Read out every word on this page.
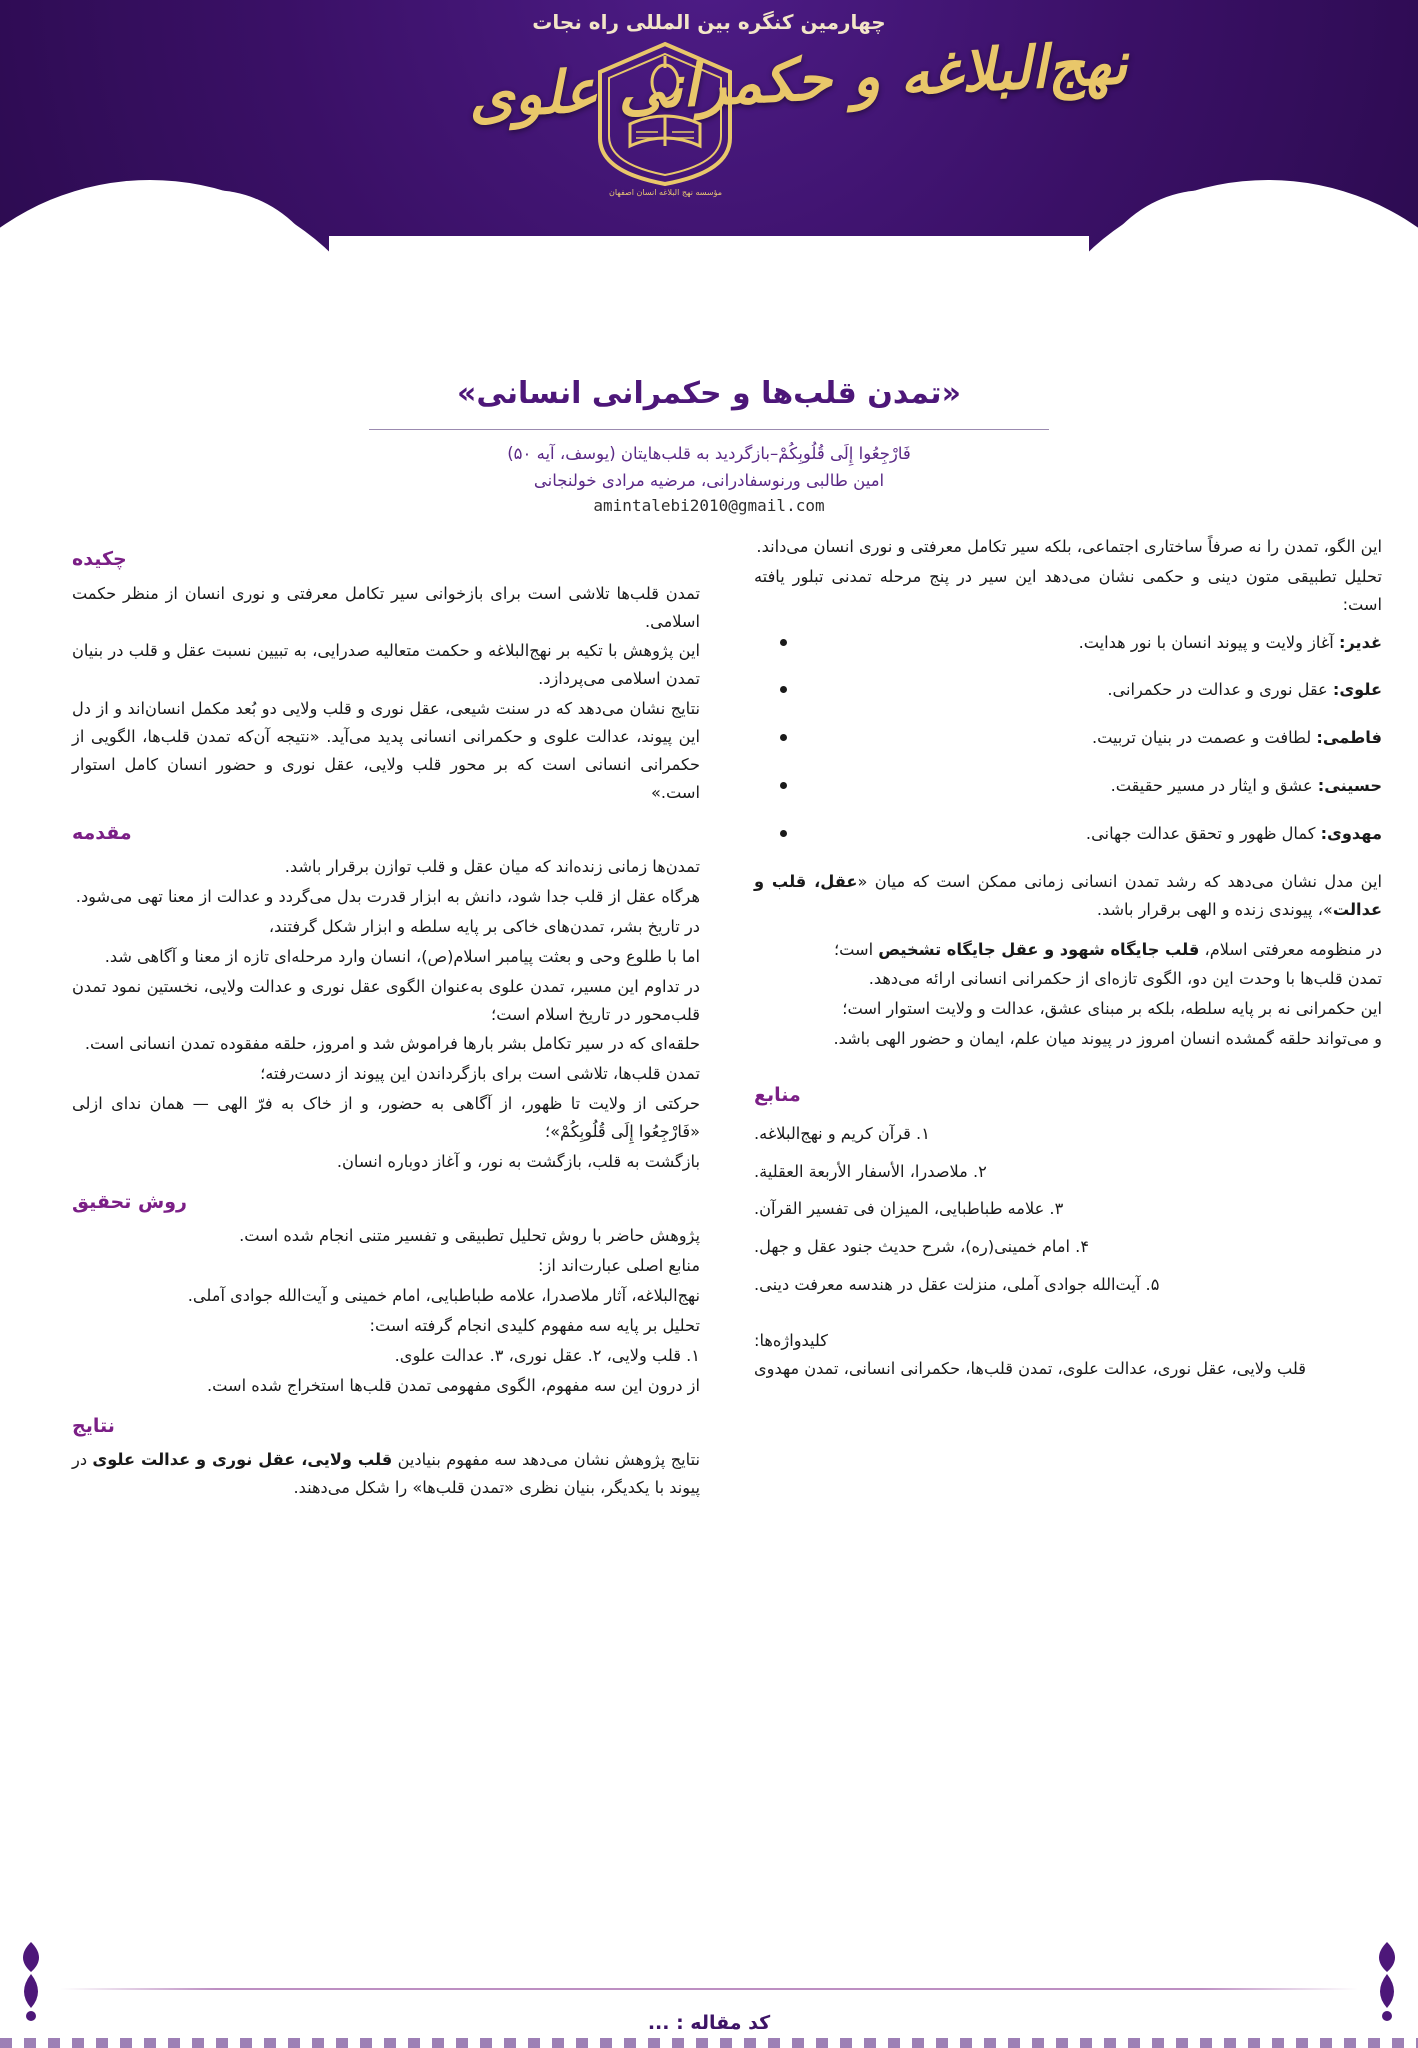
چهارمین کنگره بین المللی راه نجات
نهج‌البلاغه و حکمرانی علوی
مؤسسه نهج البلاغه انسان اصفهان
«تمدن قلب‌ها و حکمرانی انسانی»
فَارْجِعُوا إِلَى قُلُوبِكُمْ–بازگردید به قلب‌هایتان (یوسف، آیه ۵۰)
امین طالبی ورنوسفادرانی، مرضیه مرادی خولنجانی
amintalebi2010@gmail.com

این الگو، تمدن را نه صرفاً ساختاری اجتماعی، بلکه سیر تکامل معرفتی و نوری انسان می‌داند.

تحلیل تطبیقی متون دینی و حکمی نشان می‌دهد این سیر در پنج مرحله تمدنی تبلور یافته است:

غدیر: آغاز ولایت و پیوند انسان با نور هدایت.
علوی: عقل نوری و عدالت در حکمرانی.
فاطمی: لطافت و عصمت در بنیان تربیت.
حسینی: عشق و ایثار در مسیر حقیقت.
مهدوی: کمال ظهور و تحقق عدالت جهانی.

این مدل نشان می‌دهد که رشد تمدن انسانی زمانی ممکن است که میان «عقل، قلب و عدالت»، پیوندی زنده و الهی برقرار باشد.

در منظومه معرفتی اسلام، قلب جایگاه شهود و عقل جایگاه تشخیص است؛

تمدن قلب‌ها با وحدت این دو، الگوی تازه‌ای از حکمرانی انسانی ارائه می‌دهد.

این حکمرانی نه بر پایه سلطه، بلکه بر مبنای عشق، عدالت و ولایت استوار است؛

و می‌تواند حلقه گمشده انسان امروز در پیوند میان علم، ایمان و حضور الهی باشد.

منابع
۱. قرآن کریم و نهج‌البلاغه.
۲. ملاصدرا، الأسفار الأربعة العقلیة.
۳. علامه طباطبایی، المیزان فی تفسیر القرآن.
۴. امام خمینی(ره)، شرح حدیث جنود عقل و جهل.
۵. آیت‌الله جوادی آملی، منزلت عقل در هندسه معرفت دینی.
کلیدواژه‌ها:
قلب ولایی، عقل نوری، عدالت علوی، تمدن قلب‌ها، حکمرانی انسانی، تمدن مهدوی
چکیده

تمدن قلب‌ها تلاشی است برای بازخوانی سیر تکامل معرفتی و نوری انسان از منظر حکمت اسلامی.

این پژوهش با تکیه بر نهج‌البلاغه و حکمت متعالیه صدرایی، به تبیین نسبت عقل و قلب در بنیان تمدن اسلامی می‌پردازد.

نتایج نشان می‌دهد که در سنت شیعی، عقل نوری و قلب ولایی دو بُعد مکمل انسان‌اند و از دل این پیوند، عدالت علوی و حکمرانی انسانی پدید می‌آید. «نتیجه آن‌که تمدن قلب‌ها، الگویی از حکمرانی انسانی است که بر محور قلب ولایی، عقل نوری و حضور انسان کامل استوار است.»

مقدمه

تمدن‌ها زمانی زنده‌اند که میان عقل و قلب توازن برقرار باشد.

هرگاه عقل از قلب جدا شود، دانش به ابزار قدرت بدل می‌گردد و عدالت از معنا تهی می‌شود.

در تاریخ بشر، تمدن‌های خاکی بر پایه سلطه و ابزار شکل گرفتند،

اما با طلوع وحی و بعثت پیامبر اسلام(ص)، انسان وارد مرحله‌ای تازه از معنا و آگاهی شد.

در تداوم این مسیر، تمدن علوی به‌عنوان الگوی عقل نوری و عدالت ولایی، نخستین نمود تمدن قلب‌محور در تاریخ اسلام است؛

حلقه‌ای که در سیر تکامل بشر بارها فراموش شد و امروز، حلقه مفقوده تمدن انسانی است.

تمدن قلب‌ها، تلاشی است برای بازگرداندن این پیوند از دست‌رفته؛

حرکتی از ولایت تا ظهور، از آگاهی به حضور، و از خاک به فرّ الهی — همان ندای ازلی «فَارْجِعُوا إِلَى قُلُوبِكُمْ»؛

بازگشت به قلب، بازگشت به نور، و آغاز دوباره انسان.

روش تحقیق

پژوهش حاضر با روش تحلیل تطبیقی و تفسیر متنی انجام شده است.

منابع اصلی عبارت‌اند از:

نهج‌البلاغه، آثار ملاصدرا، علامه طباطبایی، امام خمینی و آیت‌الله جوادی آملی.

تحلیل بر پایه سه مفهوم کلیدی انجام گرفته است:

۱. قلب ولایی، ۲. عقل نوری، ۳. عدالت علوی.

از درون این سه مفهوم، الگوی مفهومی تمدن قلب‌ها استخراج شده است.

نتایج

نتایج پژوهش نشان می‌دهد سه مفهوم بنیادین قلب ولایی، عقل نوری و عدالت علوی در پیوند با یکدیگر، بنیان نظری «تمدن قلب‌ها» را شکل می‌دهند.

کد مقاله : ...
